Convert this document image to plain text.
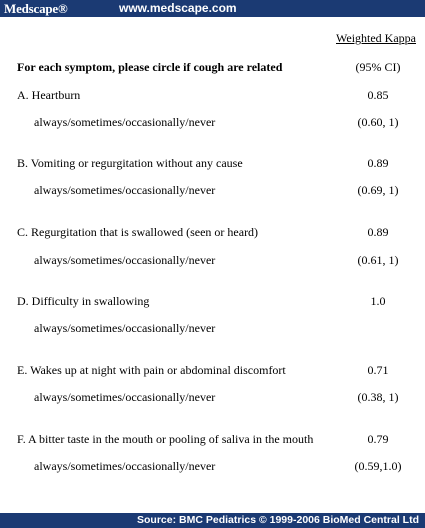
Medscape®	www.medscape.com
Weighted Kappa
For each symptom, please circle if cough are related	(95% CI)
A. Heartburn	0.85
always/sometimes/occasionally/never	(0.60, 1)
B. Vomiting or regurgitation without any cause	0.89
always/sometimes/occasionally/never	(0.69, 1)
C. Regurgitation that is swallowed (seen or heard)	0.89
always/sometimes/occasionally/never	(0.61, 1)
D. Difficulty in swallowing	1.0
always/sometimes/occasionally/never
E. Wakes up at night with pain or abdominal discomfort	0.71
always/sometimes/occasionally/never	(0.38, 1)
F. A bitter taste in the mouth or pooling of saliva in the mouth	0.79
always/sometimes/occasionally/never	(0.59,1.0)
Source: BMC Pediatrics © 1999-2006 BioMed Central Ltd
